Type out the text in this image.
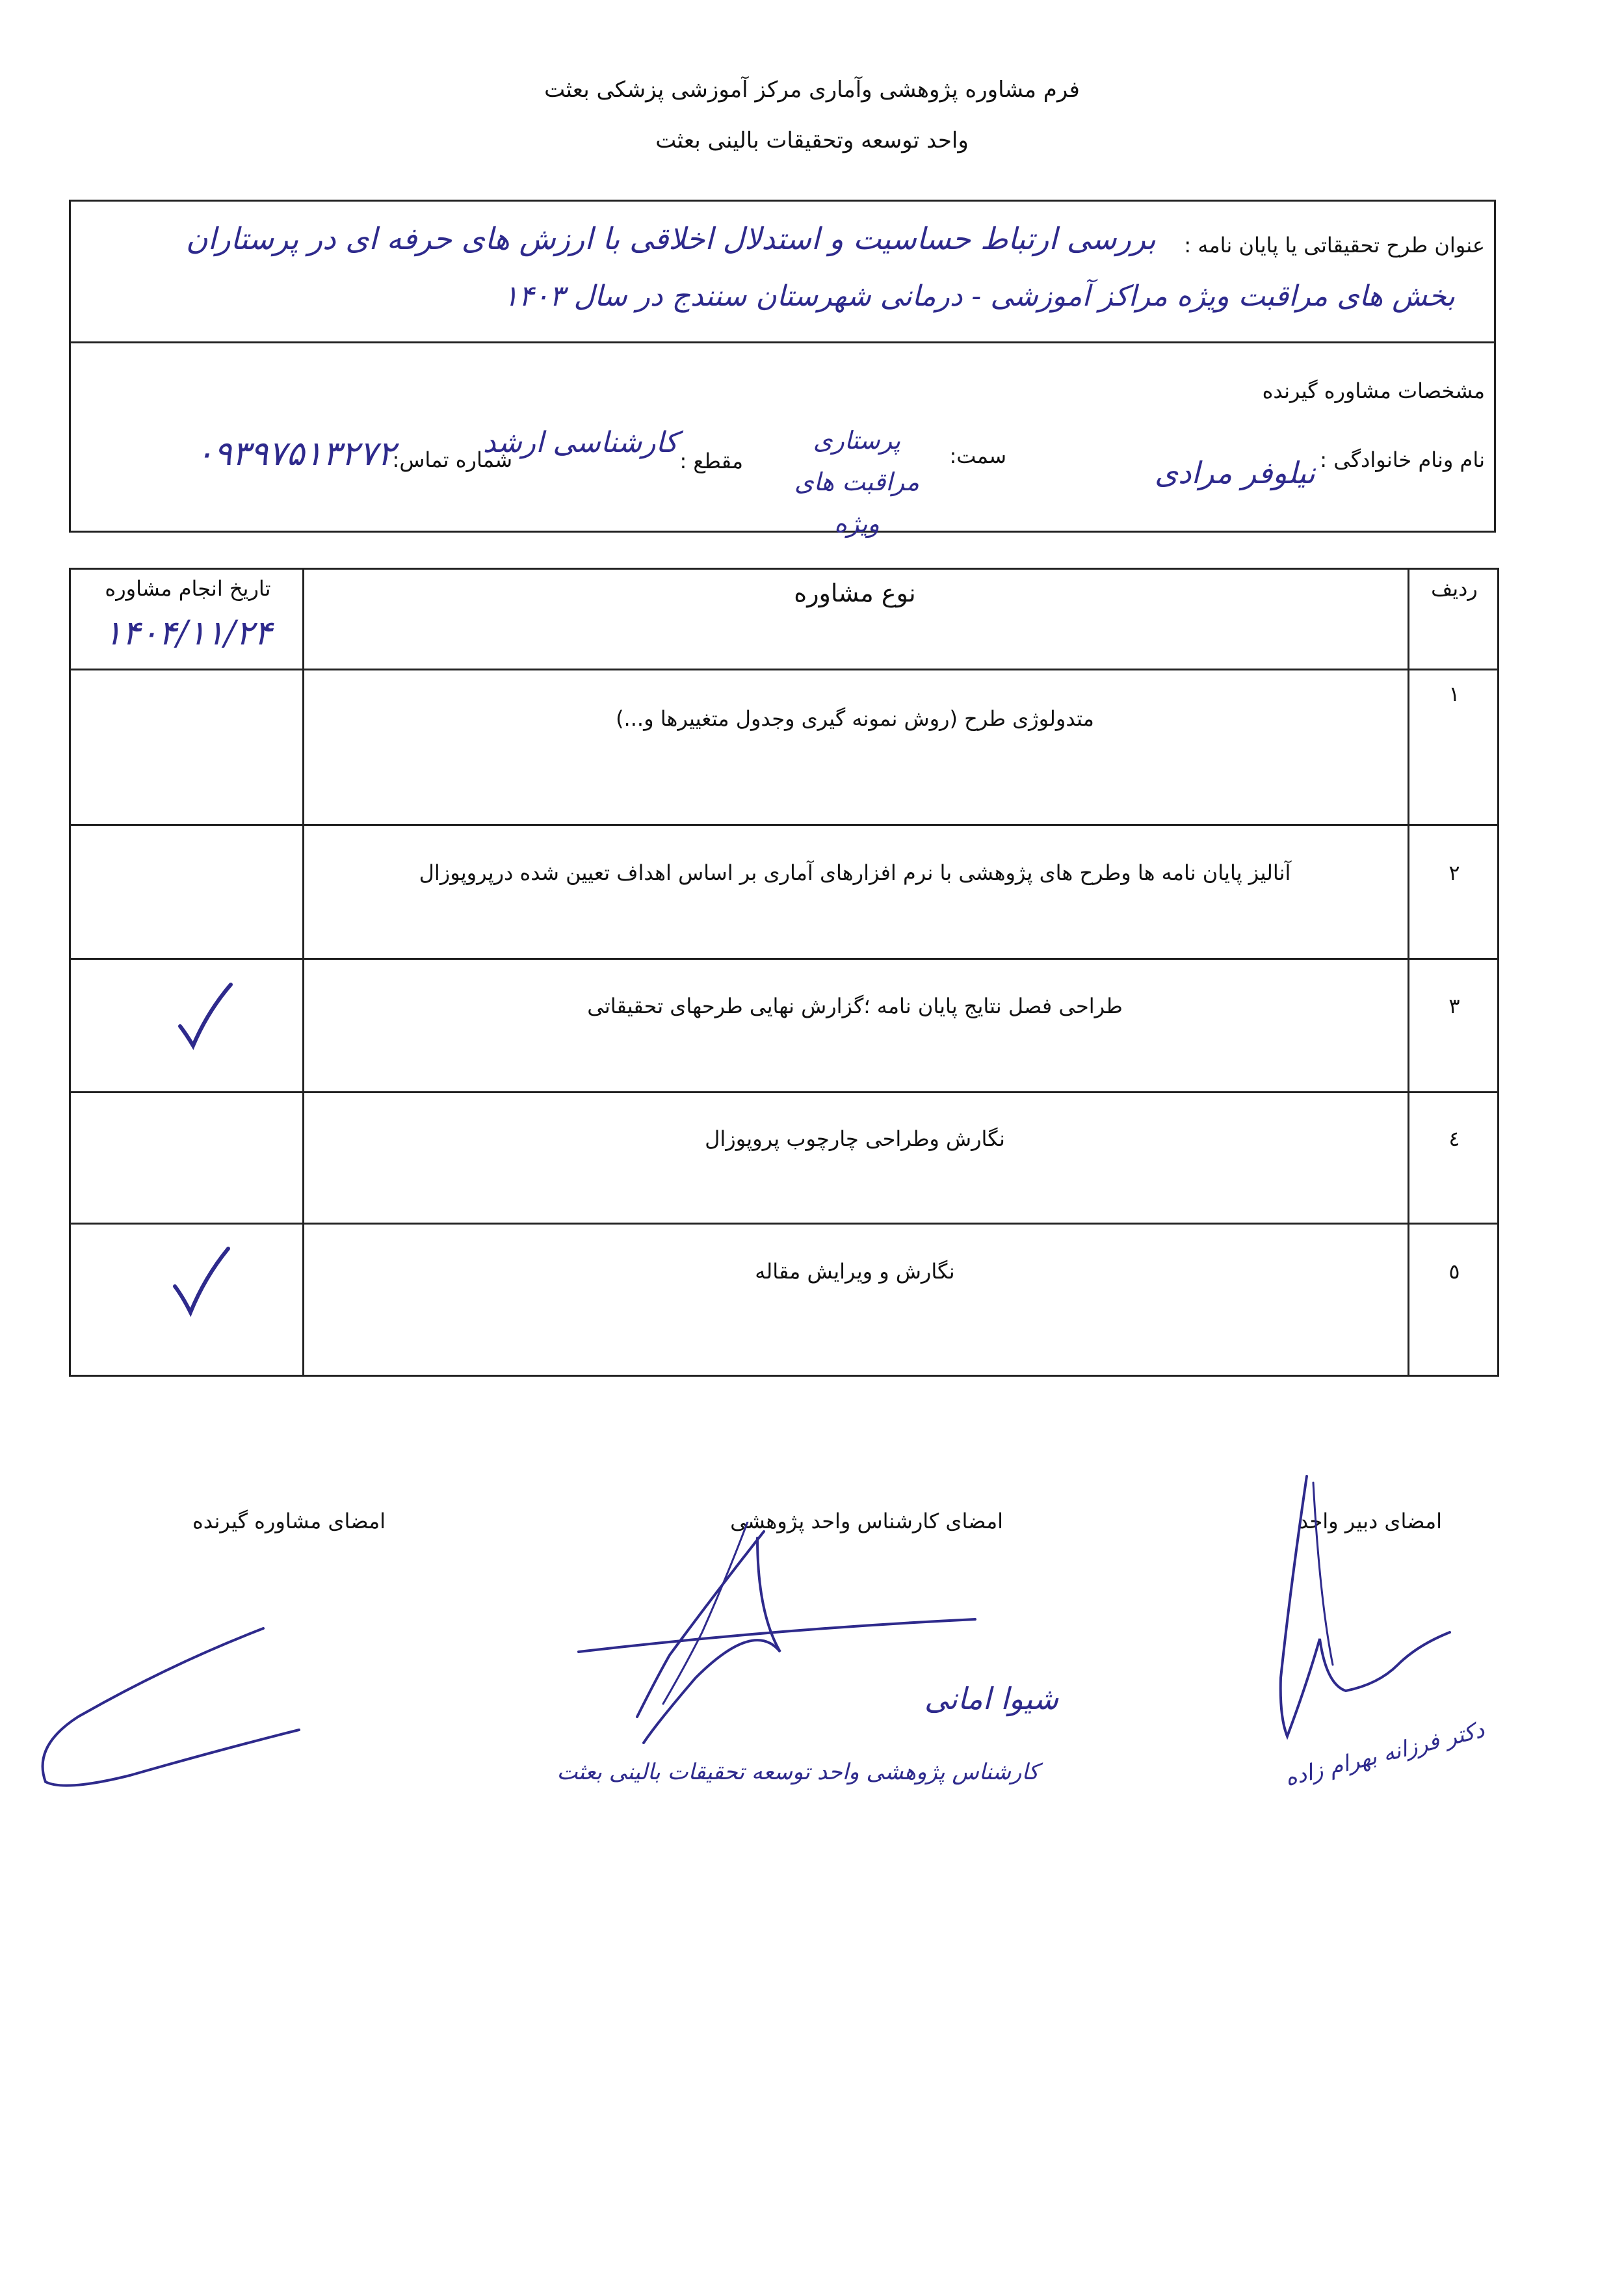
فرم مشاوره پژوهشی وآماری مرکز آموزشی پزشکی بعثت
واحد توسعه وتحقیقات بالینی بعثت
عنوان طرح تحقیقاتی یا پایان نامه :
بررسی ارتباط حساسیت و استدلال اخلاقی با ارزش های حرفه ای در پرستاران
بخش های مراقبت ویژه مراکز آموزشی - درمانی شهرستان سنندج در سال ۱۴۰۳
مشخصات مشاوره گیرنده
نام ونام خانوادگی :
نیلوفر مرادی
سمت:
پرستاری مراقبت های ویژه
مقطع :
کارشناسی ارشد
شماره تماس:
۰۹۳۹۷۵۱۳۲۷۲
ردیف
نوع مشاوره
تاریخ انجام مشاوره
۱۴۰۴/۱۱/۲۴
۱
متدولوژی طرح (روش نمونه گیری وجدول متغییرها و...)
۲
آنالیز پایان نامه ها وطرح های پژوهشی با نرم افزارهای آماری بر اساس اهداف تعیین شده درپروپوزال
۳
طراحی فصل نتایج پایان نامه ؛گزارش نهایی طرحهای تحقیقاتی
٤
نگارش وطراحی چارچوب پروپوزال
٥
نگارش و ویرایش مقاله
امضای دبیر واحد
امضای کارشناس واحد پژوهشی
امضای مشاوره گیرنده
شیوا امانی
کارشناس پژوهشی واحد توسعه تحقیقات بالینی بعثت	دکتر فرزانه بهرام زاده
